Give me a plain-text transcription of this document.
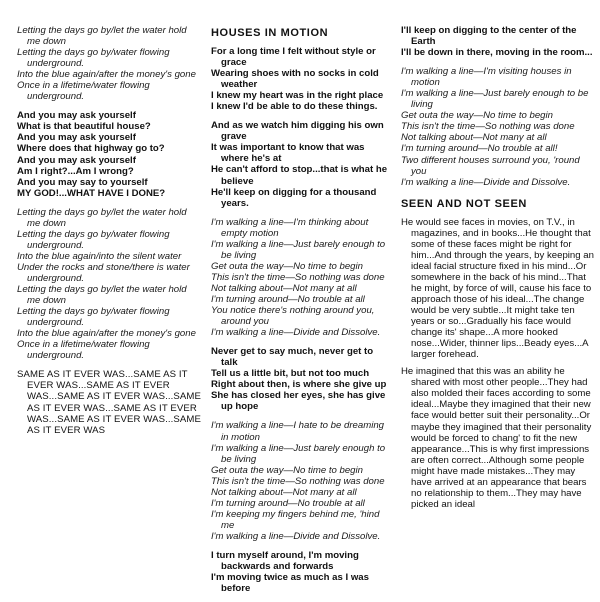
Letting the days go by/let the water hold me down
Letting the days go by/water flowing underground.
Into the blue again/after the money's gone
Once in a lifetime/water flowing underground.
And you may ask yourself
What is that beautiful house?
And you may ask yourself
Where does that highway go to?
And you may ask yourself
Am I right?...Am I wrong?
And you may say to yourself
MY GOD!...WHAT HAVE I DONE?
Letting the days go by/let the water hold me down
Letting the days go by/water flowing underground.
Into the blue again/into the silent water
Under the rocks and stone/there is water underground.
Letting the days go by/let the water hold me down
Letting the days go by/water flowing underground.
Into the blue again/after the money's gone
Once in a lifetime/water flowing underground.
SAME AS IT EVER WAS...SAME AS IT EVER WAS...SAME AS IT EVER WAS...SAME AS IT EVER WAS...SAME AS IT EVER WAS...SAME AS IT EVER WAS...SAME AS IT EVER WAS...SAME AS IT EVER WAS
HOUSES IN MOTION
For a long time I felt without style or grace
Wearing shoes with no socks in cold weather
I knew my heart was in the right place
I knew I'd be able to do these things.
And as we watch him digging his own grave
It was important to know that was where he's at
He can't afford to stop...that is what he believe
He'll keep on digging for a thousand years.
I'm walking a line—I'm thinking about empty motion
I'm walking a line—Just barely enough to be living
Get outa the way—No time to begin
This isn't the time—So nothing was done
Not talking about—Not many at all
I'm turning around—No trouble at all
You notice there's nothing around you, around you
I'm walking a line—Divide and Dissolve.
Never get to say much, never get to talk
Tell us a little bit, but not too much
Right about then, is where she give up
She has closed her eyes, she has give up hope
I'm walking a line—I hate to be dreaming in motion
I'm walking a line—Just barely enough to be living
Get outa the way—No time to begin
This isn't the time—So nothing was done
Not talking about—Not many at all
I'm turning around—No trouble at all
I'm keeping my fingers behind me, 'hind me
I'm walking a line—Divide and Dissolve.
I turn myself around, I'm moving backwards and forwards
I'm moving twice as much as I was before
I'll keep on digging to the center of the Earth
I'll be down in there, moving in the room...
I'm walking a line—I'm visiting houses in motion
I'm walking a line—Just barely enough to be living
Get outa the way—No time to begin
This isn't the time—So nothing was done
Not talking about—Not many at all
I'm turning around—No trouble at all!
Two different houses surround you, 'round you
I'm walking a line—Divide and Dissolve.
SEEN AND NOT SEEN
He would see faces in movies, on T.V., in magazines, and in books...He thought that some of these faces might be right for him...And through the years, by keeping an ideal facial structure fixed in his mind...Or somewhere in the back of his mind...That he might, by force of will, cause his face to approach those of his ideal...The change would be very subtle...It might take ten years or so...Gradually his face would change its' shape...A more hooked nose...Wider, thinner lips...Beady eyes...A larger forehead.
He imagined that this was an ability he shared with most other people...They had also molded their faces according to some ideal...Maybe they imagined that their new face would better suit their personality...Or maybe they imagined that their personality would be forced to chang' to fit the new appearance...This is why first impressions are often correct...Although some people might have made mistakes...They may have arrived at an appearance that bears no relationship to them...They may have picked an ideal
